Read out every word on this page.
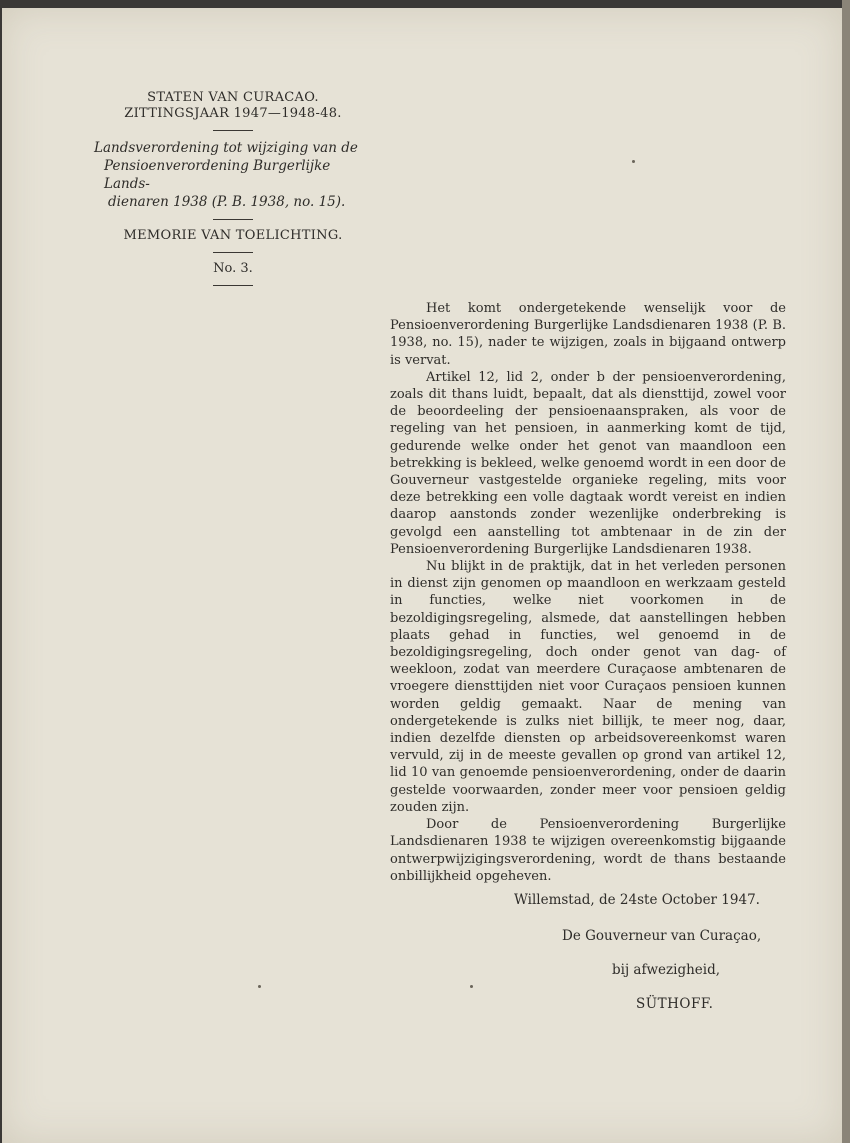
STATEN VAN CURACAO.
ZITTINGSJAAR 1947—1948-48.
Landsverordening tot wijziging van de
Pensioenverordening Burgerlijke Lands-
dienaren 1938 (P. B. 1938, no. 15).
MEMORIE VAN TOELICHTING.
No. 3.

Het komt ondergetekende wenselijk voor de Pensioenverordening Burgerlijke Landsdienaren 1938 (P. B. 1938, no. 15), nader te wijzigen, zoals in bijgaand ontwerp is vervat.

Artikel 12, lid 2, onder b der pensioenverordening, zoals dit thans luidt, bepaalt, dat als diensttijd, zowel voor de beoordeeling der pensioenaanspraken, als voor de regeling van het pensioen, in aanmerking komt de tijd, gedurende welke onder het genot van maandloon een betrekking is bekleed, welke genoemd wordt in een door de Gouverneur vastgestelde organieke regeling, mits voor deze betrekking een volle dagtaak wordt vereist en indien daarop aanstonds zonder wezenlijke onderbreking is gevolgd een aanstelling tot ambtenaar in de zin der Pensioenverordening Burgerlijke Landsdienaren 1938.

Nu blijkt in de praktijk, dat in het verleden personen in dienst zijn genomen op maandloon en werkzaam gesteld in functies, welke niet voorkomen in de bezoldigingsregeling, alsmede, dat aanstellingen hebben plaats gehad in functies, wel genoemd in de bezoldigingsregeling, doch onder genot van dag- of weekloon, zodat van meerdere Curaçaose ambtenaren de vroegere diensttijden niet voor Curaçaos pensioen kunnen worden geldig gemaakt. Naar de mening van ondergetekende is zulks niet billijk, te meer nog, daar, indien dezelfde diensten op arbeidsovereenkomst waren vervuld, zij in de meeste gevallen op grond van artikel 12, lid 10 van genoemde pensioenverordening, onder de daarin gestelde voorwaarden, zonder meer voor pensioen geldig zouden zijn.

Door de Pensioenverordening Burgerlijke Landsdienaren 1938 te wijzigen overeenkomstig bijgaande ontwerpwijzigingsverordening, wordt de thans bestaande onbillijkheid opgeheven.

Willemstad, de 24ste October 1947.
De Gouverneur van Curaçao,
bij afwezigheid,
SÜTHOFF.
